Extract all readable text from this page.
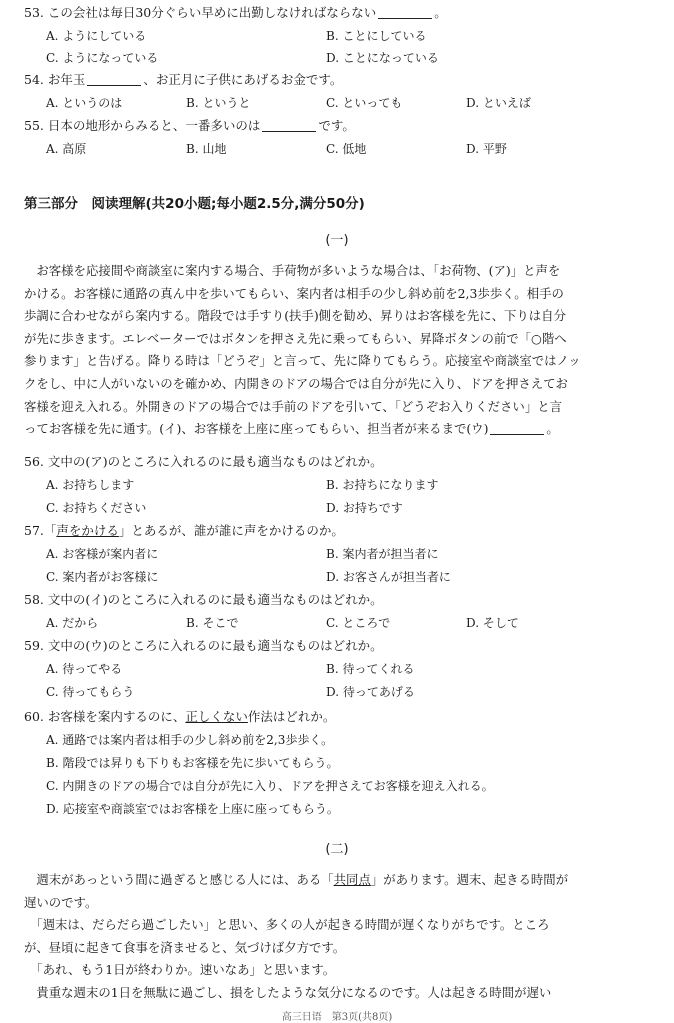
53. この会社は毎日30分ぐらい早めに出勤しなければならない	。
A. ようにしている	B. ことにしている
C. ようになっている	D. ことになっている
54. お年玉	、お正月に子供にあげるお金です。
A. というのは	B. というと	C. といっても	D. といえば
55. 日本の地形からみると、一番多いのは	です。
A. 高原	B. 山地	C. 低地	D. 平野
第三部分　阅读理解(共20小题;每小题2.5分,满分50分)
(一)

　お客様を応接間や商談室に案内する場合、手荷物が多いような場合は、「お荷物、(ア)」と声を

かける。お客様に通路の真ん中を歩いてもらい、案内者は相手の少し斜め前を2,3歩歩く。相手の

歩調に合わせながら案内する。階段では手すり(扶手)側を勧め、昇りはお客様を先に、下りは自分

が先に歩きます。エレベーターではボタンを押さえ先に乗ってもらい、昇降ボタンの前で「○階へ

参ります」と告げる。降りる時は「どうぞ」と言って、先に降りてもらう。応接室や商談室ではノッ

クをし、中に人がいないのを確かめ、内開きのドアの場合では自分が先に入り、ドアを押さえてお

客様を迎え入れる。外開きのドアの場合では手前のドアを引いて、「どうぞお入りください」と言

ってお客様を先に通す。(イ)、お客様を上座に座ってもらい、担当者が来るまで(ウ)	。

56. 文中の(ア)のところに入れるのに最も適当なものはどれか。
A. お持ちします	B. お持ちになります
C. お持ちください	D. お持ちです
57.「声をかける」とあるが、誰が誰に声をかけるのか。
A. お客様が案内者に	B. 案内者が担当者に
C. 案内者がお客様に	D. お客さんが担当者に
58. 文中の(イ)のところに入れるのに最も適当なものはどれか。
A. だから	B. そこで	C. ところで	D. そして
59. 文中の(ウ)のところに入れるのに最も適当なものはどれか。
A. 待ってやる	B. 待ってくれる
C. 待ってもらう	D. 待ってあげる
60. お客様を案内するのに、正しくない作法はどれか。
A. 通路では案内者は相手の少し斜め前を2,3歩歩く。
B. 階段では昇りも下りもお客様を先に歩いてもらう。
C. 内開きのドアの場合では自分が先に入り、ドアを押さえてお客様を迎え入れる。
D. 応接室や商談室ではお客様を上座に座ってもらう。
(二)

　週末があっという間に過ぎると感じる人には、ある「共同点」があります。週末、起きる時間が

遅いのです。

　「週末は、だらだら過ごしたい」と思い、多くの人が起きる時間が遅くなりがちです。ところ

が、昼頃に起きて食事を済ませると、気づけば夕方です。

　「あれ、もう1日が終わりか。速いなあ」と思います。

　貴重な週末の1日を無駄に過ごし、損をしたような気分になるのです。人は起きる時間が遅い

高三日语　第3页(共8页)
